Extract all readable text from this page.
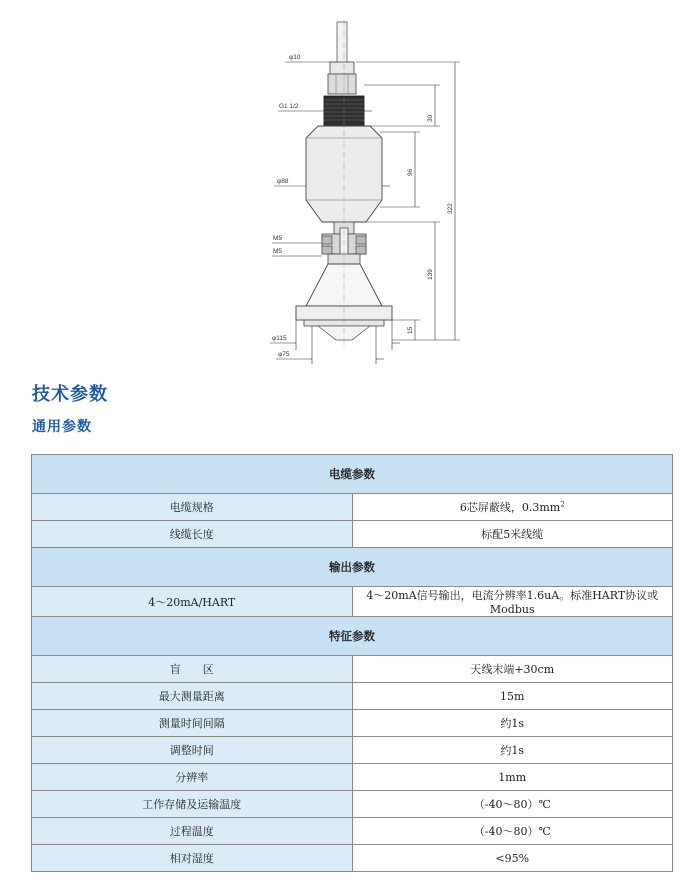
φ10
G1 1/2
φ88
M5
M5
φ115
φ75
30
96
322
139
15
技术参数
通用参数
电缆参数	
电缆规格	6芯屏蔽线，$0.3mm^2$
线缆长度	标配5米线缆
输出参数	
4～20mA/HART	4～20mA信号输出，电流分辨率1.6uA。标准HART协议或Modbus
特征参数	
盲　　区	天线末端+30cm
最大测量距离	15m
测量时间间隔	约1s
调整时间	约1s
分辨率	1mm
工作存储及运输温度	（-40～80）℃
过程温度	（-40～80）℃
相对湿度	<95%
